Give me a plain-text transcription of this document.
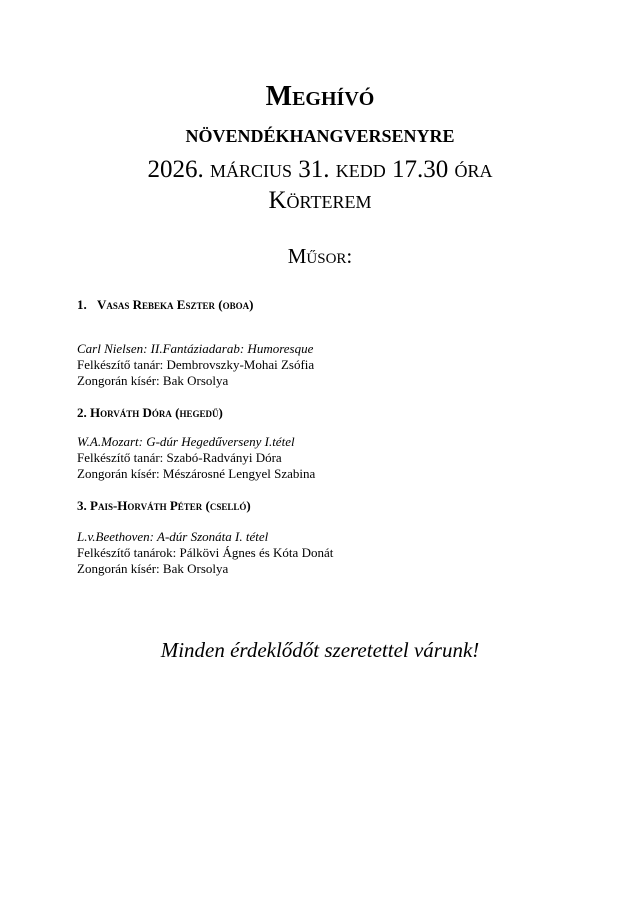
Meghívó
növendékhangversenyre
2026. március 31. kedd 17.30 óra
Körterem
Műsor:
1. Vasas Rebeka Eszter (oboa)
Carl Nielsen: II.Fantáziadarab: Humoresque
Felkészítő tanár: Dembrovszky-Mohai Zsófia
Zongorán kísér: Bak Orsolya
2. Horváth Dóra (hegedű)
W.A.Mozart: G-dúr Hegedűverseny I.tétel
Felkészítő tanár: Szabó-Radványi Dóra
Zongorán kísér: Mészárosné Lengyel Szabina
3. Pais-Horváth Péter (cselló)
L.v.Beethoven: A-dúr Szonáta I. tétel
Felkészítő tanárok: Pálkövi Ágnes és Kóta Donát
Zongorán kísér: Bak Orsolya
Minden érdeklődőt szeretettel várunk!
